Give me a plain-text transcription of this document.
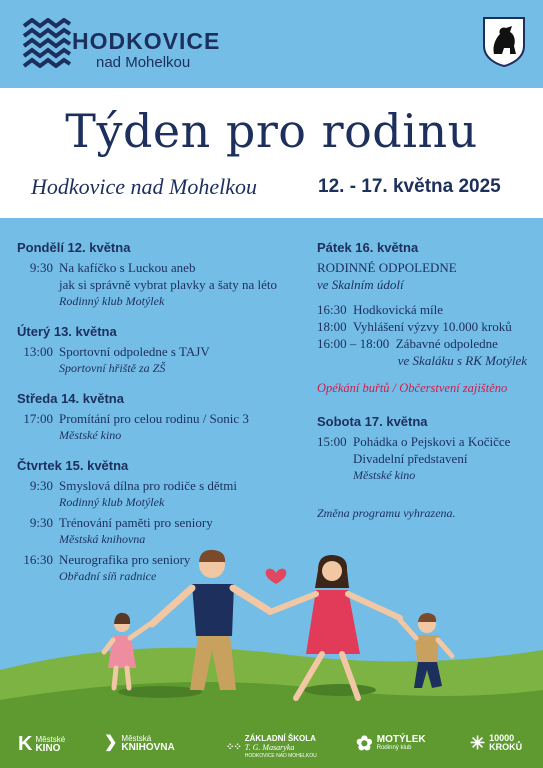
HODKOVICE
nad Mohelkou
Týden pro rodinu
Hodkovice nad Mohelkou	12. - 17. května 2025
Pondělí 12. května
9:30 Na kafíčko s Luckou aneb
jak si správně vybrat plavky a šaty na léto
Rodinný klub Motýlek
Úterý 13. května
13:00 Sportovní odpoledne s TAJV
Sportovní hřiště za ZŠ
Středa 14. května
17:00 Promítání pro celou rodinu / Sonic 3
Městské kino
Čtvrtek 15. května
9:30 Smyslová dílna pro rodiče s dětmi
Rodinný klub Motýlek
9:30 Trénování paměti pro seniory
Městská knihovna
16:30 Neurografika pro seniory
Obřadní síň radnice
Pátek 16. května
RODINNÉ ODPOLEDNE
ve Skalním údolí
16:30 Hodkovická míle
18:00 Vyhlášení výzvy 10.000 kroků
16:00 – 18:00 Zábavné odpoledne
ve Skaláku s RK Motýlek
Opékání buřtů / Občerstvení zajištěno
Sobota 17. května
15:00 Pohádka o Pejskovi a Kočičce
Divadelní představení
Městské kino
Změna programu vyhrazena.
K Městské
KINO	❯ Městská
KNIHOVNA	⁘⁘
ZÁKLADNÍ ŠKOLA
T. G. Masaryka
HODKOVICE NAD MOHELKOU
✿ MOTÝLEK
Rodinný klub	✳ 10000
KROKŮ
